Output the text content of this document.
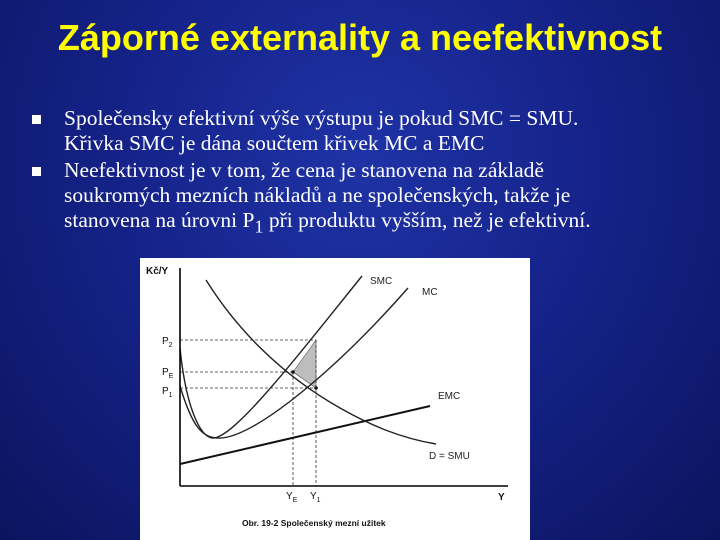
Záporné externality a neefektivnost
Společensky efektivní výše výstupu je pokud SMC = SMU.
Křivka SMC je dána součtem křivek MC a EMC
Neefektivnost je v tom, že cena je stanovena na základě
soukromých mezních nákladů a ne společenských, takže je
stanovena na úrovni $P_1$ při produktu vyšším, než je efektivní.
Kč/Y
Y
$P_2$
$P_E$
$P_1$
$Y_E$ $Y_1$
SMC
MC
EMC
D = SMU
Obr. 19-2 Společenský mezní užitek
